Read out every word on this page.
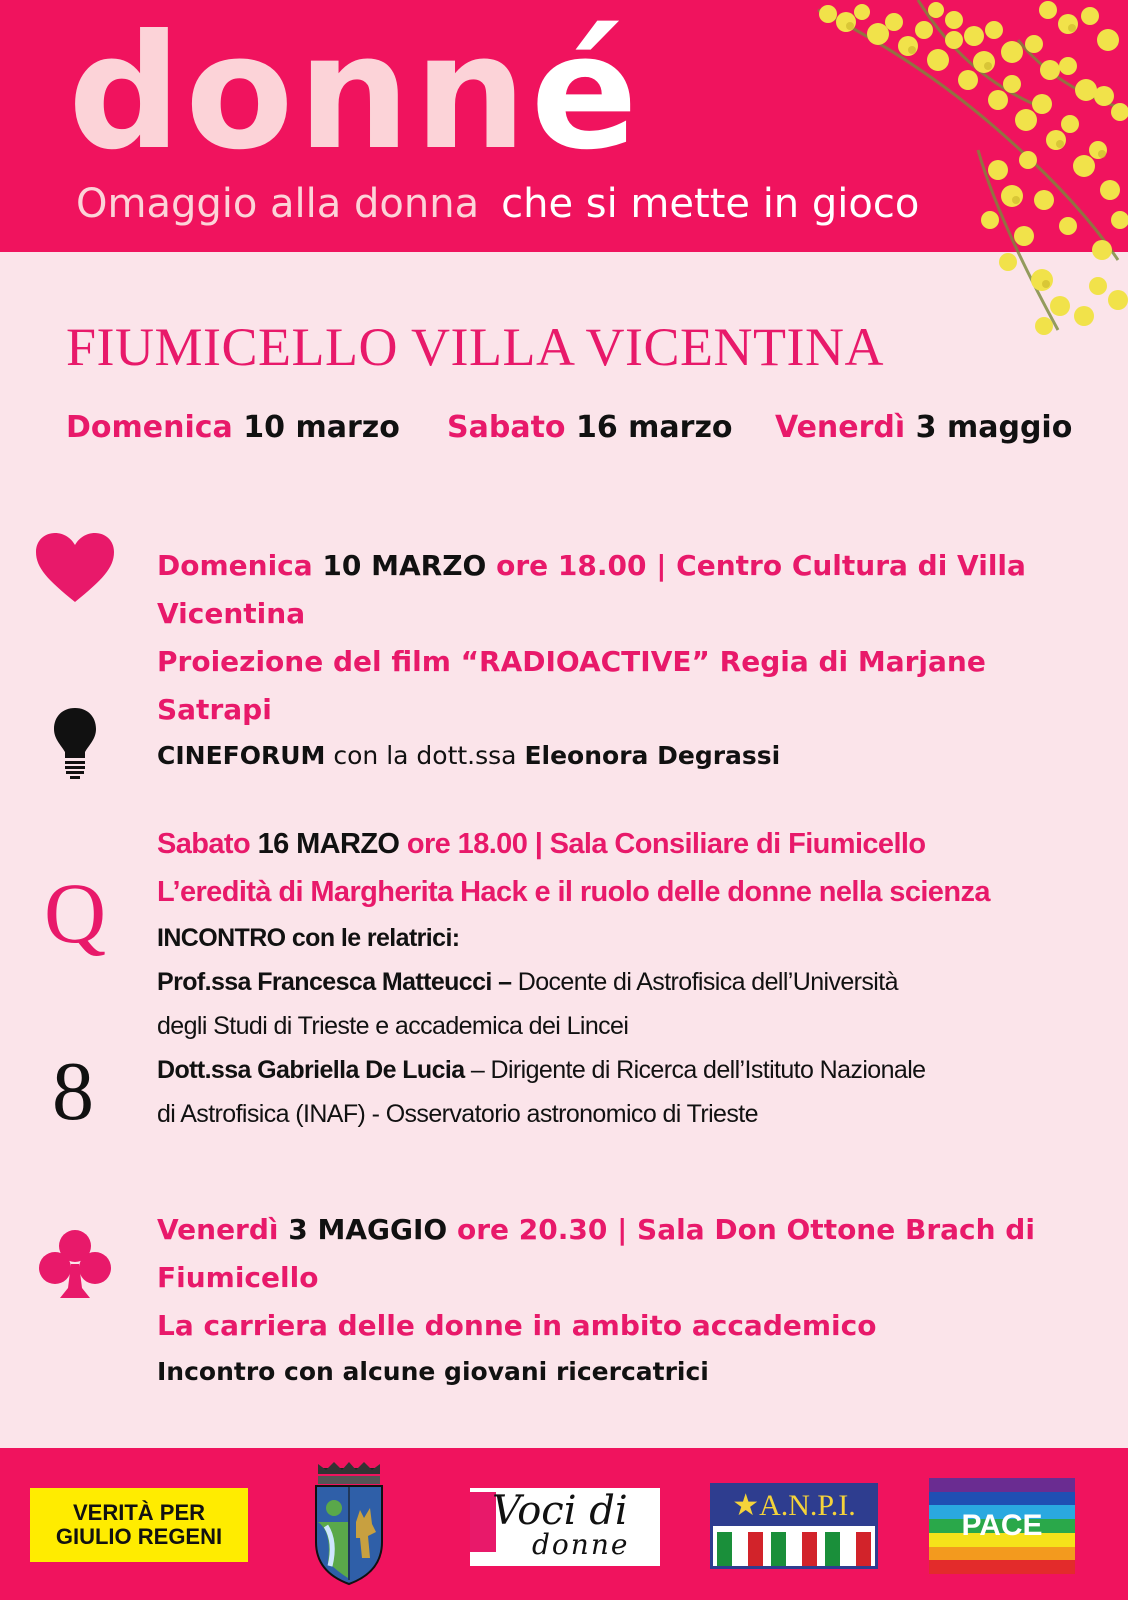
donné
Omaggio alla donna che si mette in gioco
FIUMICELLO VILLA VICENTINA
Domenica 10 marzo Sabato 16 marzo Venerdì 3 maggio
Q
8
Domenica 10 MARZO ore 18.00 | Centro Cultura di Villa
Vicentina
Proiezione del film “RADIOACTIVE” Regia di Marjane
Satrapi
CINEFORUM con la dott.ssa Eleonora Degrassi
Sabato 16 MARZO ore 18.00 | Sala Consiliare di Fiumicello
L’eredità di Margherita Hack e il ruolo delle donne nella scienza
INCONTRO con le relatrici:
Prof.ssa Francesca Matteucci – Docente di Astrofisica dell’Università
degli Studi di Trieste e accademica dei Lincei
Dott.ssa Gabriella De Lucia – Dirigente di Ricerca dell’Istituto Nazionale
di Astrofisica (INAF) - Osservatorio astronomico di Trieste
Venerdì 3 MAGGIO ore 20.30 | Sala Don Ottone Brach di
Fiumicello
La carriera delle donne in ambito accademico
Incontro con alcune giovani ricercatrici
VERITÀ PER
GIULIO REGENI
Voci di
donne
★A.N.P.I.
PACE
